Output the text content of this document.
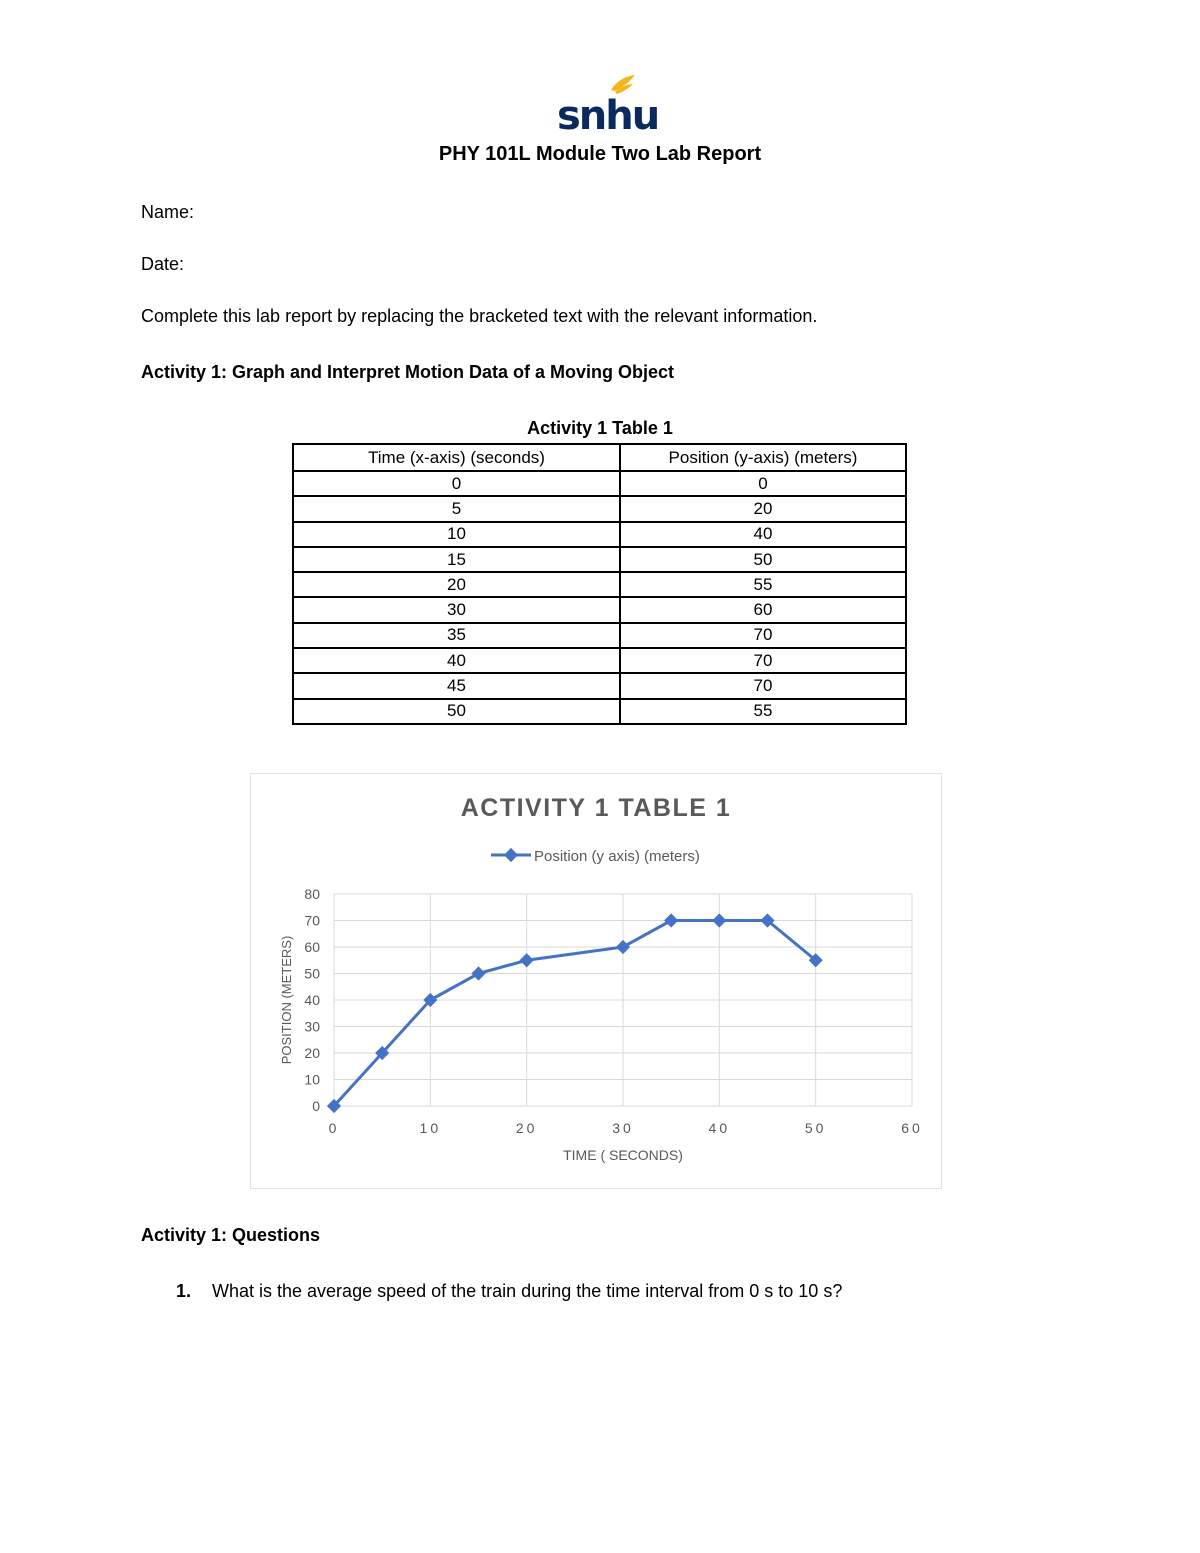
snhu
PHY 101L Module Two Lab Report
Name:
Date:
Complete this lab report by replacing the bracketed text with the relevant information.
Activity 1: Graph and Interpret Motion Data of a Moving Object
Activity 1 Table 1
Time (x-axis) (seconds)	Position (y-axis) (meters)
0	0
5	20
10	40
15	50
20	55
30	60
35	70
40	70
45	70
50	55
ACTIVITY 1 TABLE 1
Position (y axis) (meters)
0
10
20
30
40
50
60
70
80
0	10	20	30	40	50	60
TIME ( SECONDS)
POSITION (METERS)
Activity 1: Questions
1. What is the average speed of the train during the time interval from 0 s to 10 s?
